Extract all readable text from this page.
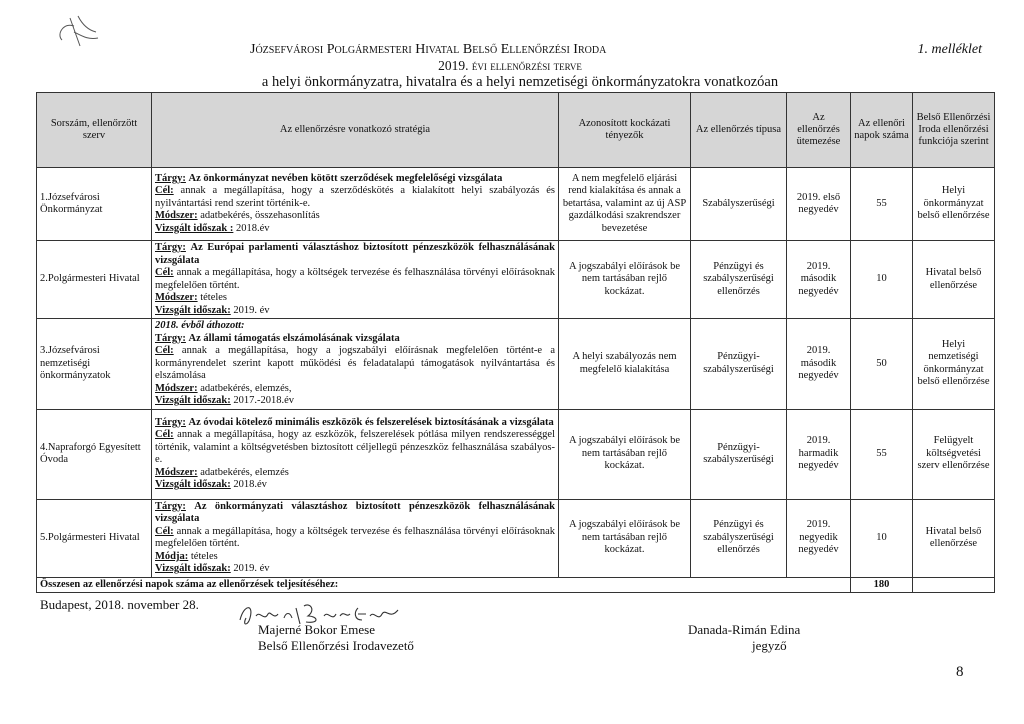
Józsefvárosi Polgármesteri Hivatal Belső Ellenőrzési Iroda
2019. évi ellenőrzési terve
a helyi önkormányzatra, hivatalra és a helyi nemzetiségi önkormányzatokra vonatkozóan
1. melléklet
Sorszám, ellenőrzött szerv	Az ellenőrzésre vonatkozó stratégia	Azonosított kockázati tényezők	Az ellenőrzés típusa	Az ellenőrzés ütemezése	Az ellenőri napok száma	Belső Ellenőrzési Iroda ellenőrzési funkciója szerint
1.Józsefvárosi Önkormányzat	Tárgy: Az önkormányzat nevében kötött szerződések megfelelőségi vizsgálata
Cél: annak a megállapítása, hogy a szerződéskötés a kialakított helyi szabályozás és nyilvántartási rend szerint történik-e.
Módszer: adatbekérés, összehasonlítás
Vizsgált időszak : 2018.év	A nem megfelelő eljárási rend kialakítása és annak a betartása, valamint az új ASP gazdálkodási szakrendszer bevezetése	Szabályszerűségi	2019. első negyedév	55	Helyi önkormányzat belső ellenőrzése
2.Polgármesteri Hivatal	Tárgy: Az Európai parlamenti választáshoz biztosított pénzeszközök felhasználásának vizsgálata
Cél: annak a megállapítása, hogy a költségek tervezése és felhasználása törvényi előírásoknak megfelelően történt.
Módszer: tételes
Vizsgált időszak: 2019. év	A jogszabályi előírások be nem tartásában rejlő kockázat.	Pénzügyi és szabályszerűségi ellenőrzés	2019. második negyedév	10	Hivatal belső ellenőrzése
3.Józsefvárosi nemzetiségi önkormányzatok	2018. évből áthozott:
Tárgy: Az állami támogatás elszámolásának vizsgálata
Cél: annak a megállapítása, hogy a jogszabályi előírásnak megfelelően történt-e a kormányrendelet szerint kapott működési és feladatalapú támogatások nyilvántartása és elszámolása
Módszer: adatbekérés, elemzés,
Vizsgált időszak: 2017.-2018.év	A helyi szabályozás nem megfelelő kialakítása	Pénzügyi-szabályszerűségi	2019. második negyedév	50	Helyi nemzetiségi önkormányzat belső ellenőrzése
4.Napraforgó Egyesített Óvoda	Tárgy: Az óvodai kötelező minimális eszközök és felszerelések biztosításának a vizsgálata
Cél: annak a megállapítása, hogy az eszközök, felszerelések pótlása milyen rendszerességgel történik, valamint a költségvetésben biztosított céljellegű pénzeszköz felhasználása szabályos-e.
Módszer: adatbekérés, elemzés
Vizsgált időszak: 2018.év	A jogszabályi előírások be nem tartásában rejlő kockázat.	Pénzügyi-szabályszerűségi	2019. harmadik negyedév	55	Felügyelt költségvetési szerv ellenőrzése
5.Polgármesteri Hivatal	Tárgy: Az önkormányzati választáshoz biztosított pénzeszközök felhasználásának vizsgálata
Cél: annak a megállapítása, hogy a költségek tervezése és felhasználása törvényi előírásoknak megfelelően történt.
Módja: tételes
Vizsgált időszak: 2019. év	A jogszabályi előírások be nem tartásában rejlő kockázat.	Pénzügyi és szabályszerűségi ellenőrzés	2019. negyedik negyedév	10	Hivatal belső ellenőrzése
Összesen az ellenőrzési napok száma az ellenőrzések teljesítéséhez:					180	
Budapest, 2018. november 28.
Majerné Bokor Emese
Belső Ellenőrzési Irodavezető
Danada-Rimán Edina
jegyző
8
